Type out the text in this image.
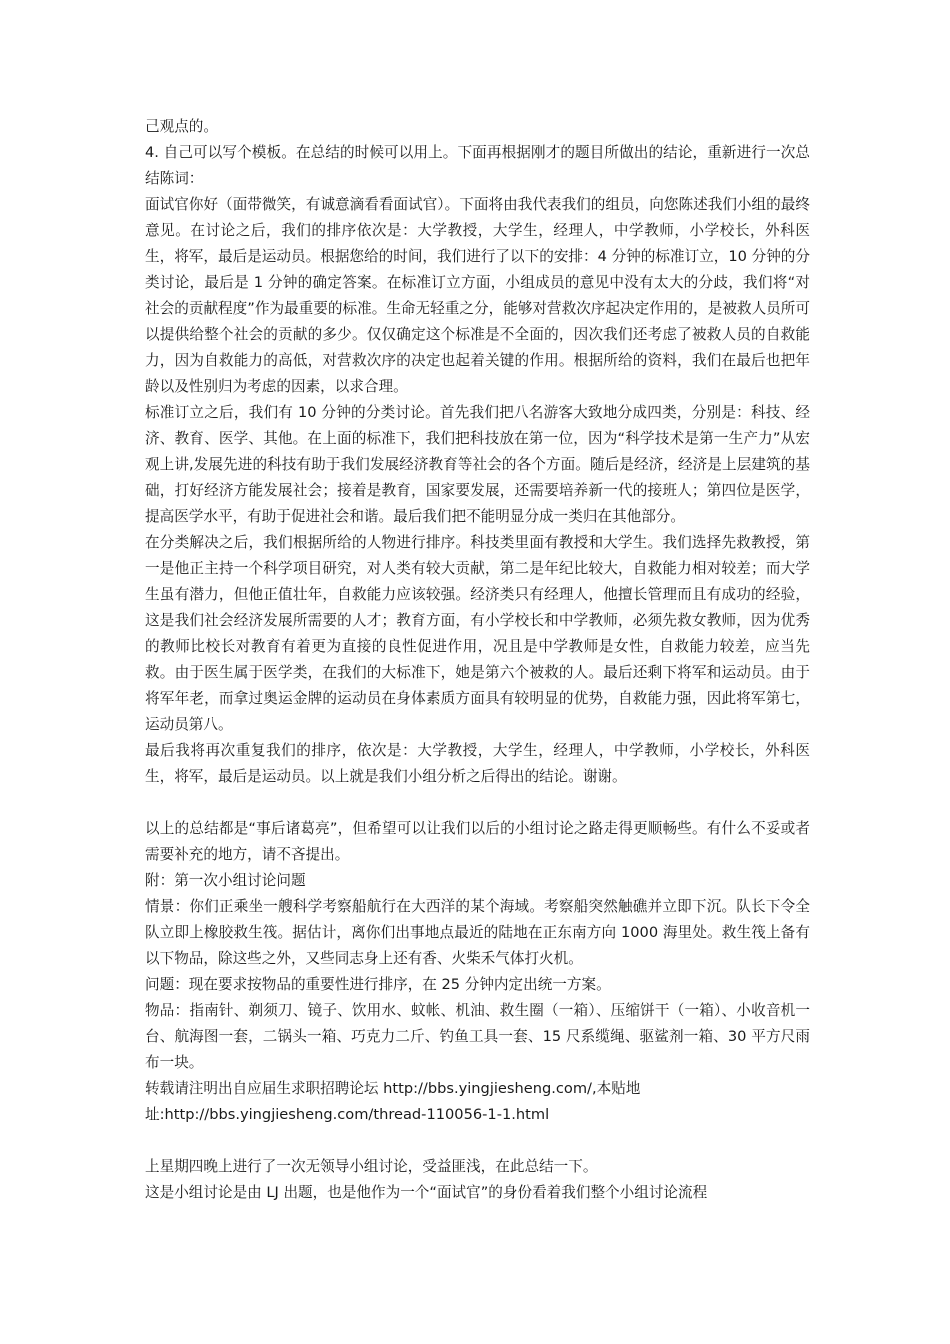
己观点的。

4. 自己可以写个模板。在总结的时候可以用上。下面再根据刚才的题目所做出的结论，重新进行一次总结陈词：

面试官你好（面带微笑，有诚意滴看看面试官）。下面将由我代表我们的组员，向您陈述我们小组的最终意见。在讨论之后，我们的排序依次是：大学教授，大学生，经理人，中学教师，小学校长，外科医生，将军，最后是运动员。根据您给的时间，我们进行了以下的安排：4 分钟的标准订立，10 分钟的分类讨论，最后是 1 分钟的确定答案。在标准订立方面，小组成员的意见中没有太大的分歧，我们将“对社会的贡献程度”作为最重要的标准。生命无轻重之分，能够对营救次序起决定作用的，是被救人员所可以提供给整个社会的贡献的多少。仅仅确定这个标准是不全面的，因次我们还考虑了被救人员的自救能力，因为自救能力的高低，对营救次序的决定也起着关键的作用。根据所给的资料，我们在最后也把年龄以及性别归为考虑的因素，以求合理。

标准订立之后，我们有 10 分钟的分类讨论。首先我们把八名游客大致地分成四类，分别是：科技、经济、教育、医学、其他。在上面的标准下，我们把科技放在第一位，因为“科学技术是第一生产力”从宏观上讲,发展先进的科技有助于我们发展经济教育等社会的各个方面。随后是经济，经济是上层建筑的基础，打好经济方能发展社会；接着是教育，国家要发展，还需要培养新一代的接班人；第四位是医学，提高医学水平，有助于促进社会和谐。最后我们把不能明显分成一类归在其他部分。

在分类解决之后，我们根据所给的人物进行排序。科技类里面有教授和大学生。我们选择先救教授，第一是他正主持一个科学项目研究，对人类有较大贡献，第二是年纪比较大，自救能力相对较差；而大学生虽有潜力，但他正值壮年，自救能力应该较强。经济类只有经理人，他擅长管理而且有成功的经验，这是我们社会经济发展所需要的人才；教育方面，有小学校长和中学教师，必须先救女教师，因为优秀的教师比校长对教育有着更为直接的良性促进作用，况且是中学教师是女性，自救能力较差，应当先救。由于医生属于医学类，在我们的大标准下，她是第六个被救的人。最后还剩下将军和运动员。由于将军年老，而拿过奥运金牌的运动员在身体素质方面具有较明显的优势，自救能力强，因此将军第七，运动员第八。

最后我将再次重复我们的排序，依次是：大学教授，大学生，经理人，中学教师，小学校长，外科医生，将军，最后是运动员。以上就是我们小组分析之后得出的结论。谢谢。

以上的总结都是“事后诸葛亮”，但希望可以让我们以后的小组讨论之路走得更顺畅些。有什么不妥或者需要补充的地方，请不吝提出。

附：第一次小组讨论问题

情景：你们正乘坐一艘科学考察船航行在大西洋的某个海域。考察船突然触礁并立即下沉。队长下令全队立即上橡胶救生筏。据估计，离你们出事地点最近的陆地在正东南方向 1000 海里处。救生筏上备有以下物品，除这些之外，又些同志身上还有香、火柴禾气体打火机。

问题：现在要求按物品的重要性进行排序，在 25 分钟内定出统一方案。

物品：指南针、剃须刀、镜子、饮用水、蚊帐、机油、救生圈（一箱）、压缩饼干（一箱）、小收音机一台、航海图一套，二锅头一箱、巧克力二斤、钓鱼工具一套、15 尺系缆绳、驱鲨剂一箱、30 平方尺雨布一块。

转载请注明出自应届生求职招聘论坛 http://bbs.yingjiesheng.com/,本贴地

址:http://bbs.yingjiesheng.com/thread-110056-1-1.html

上星期四晚上进行了一次无领导小组讨论，受益匪浅，在此总结一下。

这是小组讨论是由 LJ 出题，也是他作为一个“面试官”的身份看着我们整个小组讨论流程
